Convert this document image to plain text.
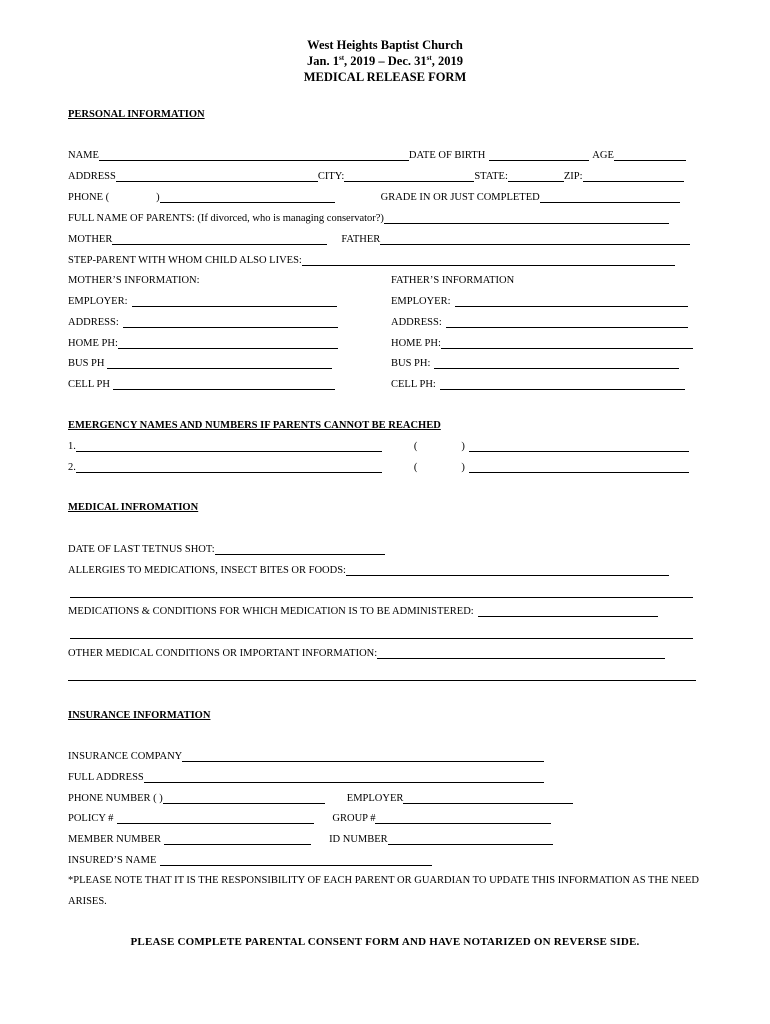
West Heights Baptist Church
Jan. 1st, 2019 – Dec. 31st, 2019
MEDICAL RELEASE FORM
PERSONAL INFORMATION
NAME	DATE OF BIRTH	AGE
ADDRESS	CITY:	STATE:	ZIP:
PHONE (	)	GRADE IN OR JUST COMPLETED
FULL NAME OF PARENTS: (If divorced, who is managing conservator?)
MOTHER	FATHER
STEP-PARENT WITH WHOM CHILD ALSO LIVES:
MOTHER’S INFORMATION:	FATHER’S INFORMATION
EMPLOYER:	EMPLOYER:
ADDRESS:	ADDRESS:
HOME PH:	HOME PH:
BUS PH	BUS PH:
CELL PH	CELL PH:
EMERGENCY NAMES AND NUMBERS IF PARENTS CANNOT BE REACHED
1.	(	)
2.	(	)
MEDICAL INFROMATION
DATE OF LAST TETNUS SHOT:
ALLERGIES TO MEDICATIONS, INSECT BITES OR FOODS:
MEDICATIONS & CONDITIONS FOR WHICH MEDICATION IS TO BE ADMINISTERED:
OTHER MEDICAL CONDITIONS OR IMPORTANT INFORMATION:
INSURANCE INFORMATION
INSURANCE COMPANY
FULL ADDRESS
PHONE NUMBER ( )	EMPLOYER
POLICY #	GROUP #
MEMBER NUMBER	ID NUMBER
INSURED’S NAME
*PLEASE NOTE THAT IT IS THE RESPONSIBILITY OF EACH PARENT OR GUARDIAN TO UPDATE THIS INFORMATION AS THE NEED ARISES.
PLEASE COMPLETE PARENTAL CONSENT FORM AND HAVE NOTARIZED ON REVERSE SIDE.
